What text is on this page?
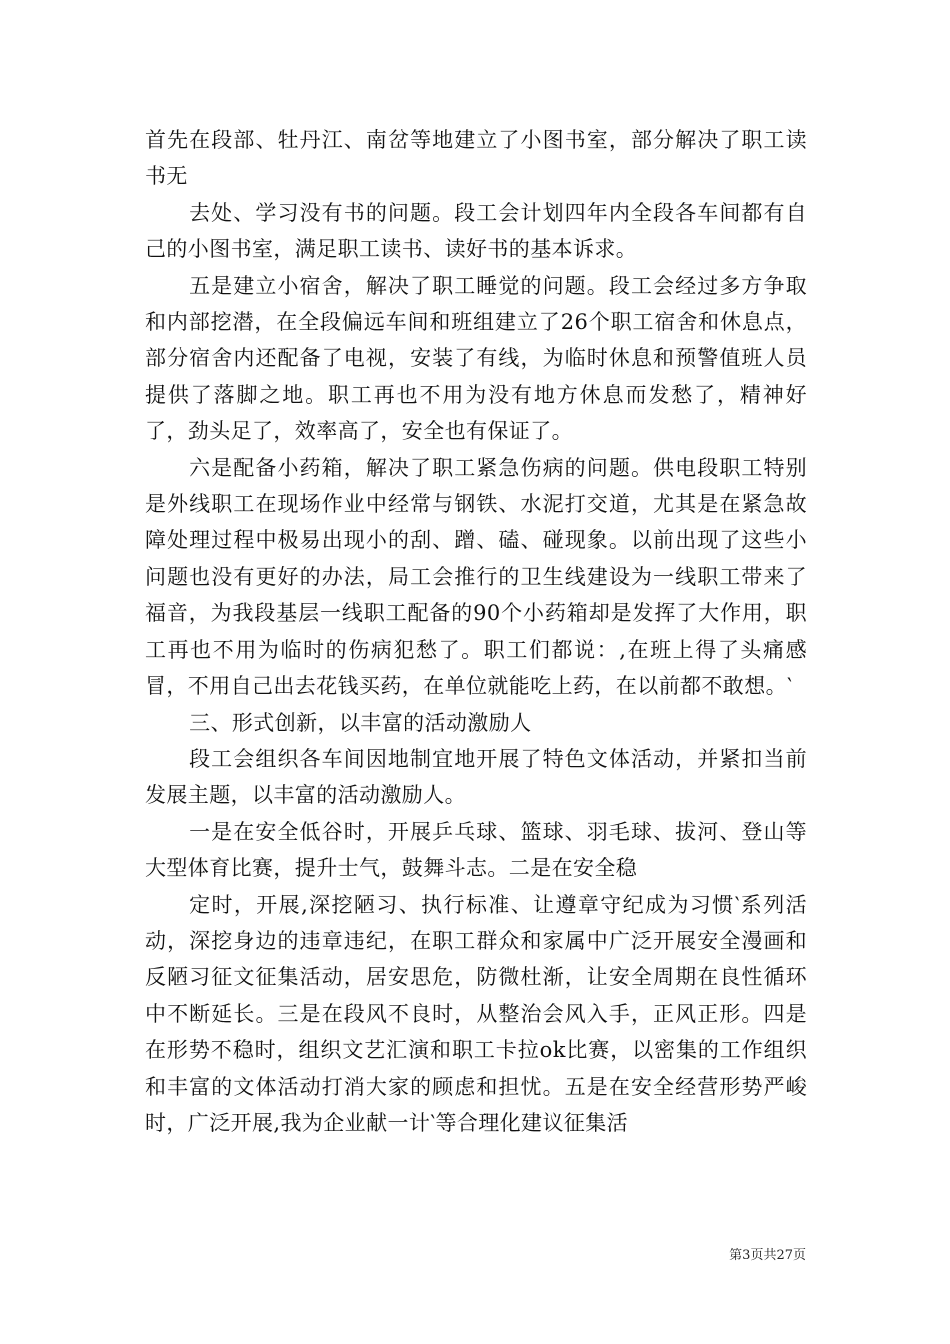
首先在段部、牡丹江、南岔等地建立了小图书室，部分解决了职工读书无

去处、学习没有书的问题。段工会计划四年内全段各车间都有自己的小图书室，满足职工读书、读好书的基本诉求。

五是建立小宿舍，解决了职工睡觉的问题。段工会经过多方争取和内部挖潜，在全段偏远车间和班组建立了26个职工宿舍和休息点，部分宿舍内还配备了电视，安装了有线，为临时休息和预警值班人员提供了落脚之地。职工再也不用为没有地方休息而发愁了，精神好了，劲头足了，效率高了，安全也有保证了。

六是配备小药箱，解决了职工紧急伤病的问题。供电段职工特别是外线职工在现场作业中经常与钢铁、水泥打交道，尤其是在紧急故障处理过程中极易出现小的刮、蹭、磕、碰现象。以前出现了这些小问题也没有更好的办法，局工会推行的卫生线建设为一线职工带来了福音，为我段基层一线职工配备的90个小药箱却是发挥了大作用，职工再也不用为临时的伤病犯愁了。职工们都说：,在班上得了头痛感冒，不用自己出去花钱买药，在单位就能吃上药，在以前都不敢想。‵

三、形式创新，以丰富的活动激励人

段工会组织各车间因地制宜地开展了特色文体活动，并紧扣当前发展主题，以丰富的活动激励人。

一是在安全低谷时，开展乒乓球、篮球、羽毛球、拔河、登山等大型体育比赛，提升士气，鼓舞斗志。二是在安全稳

定时，开展,深挖陋习、执行标准、让遵章守纪成为习惯‵系列活动，深挖身边的违章违纪，在职工群众和家属中广泛开展安全漫画和反陋习征文征集活动，居安思危，防微杜渐，让安全周期在良性循环中不断延长。三是在段风不良时，从整治会风入手，正风正形。四是在形势不稳时，组织文艺汇演和职工卡拉ok比赛，以密集的工作组织和丰富的文体活动打消大家的顾虑和担忧。五是在安全经营形势严峻时，广泛开展,我为企业献一计‵等合理化建议征集活

第3页共27页
